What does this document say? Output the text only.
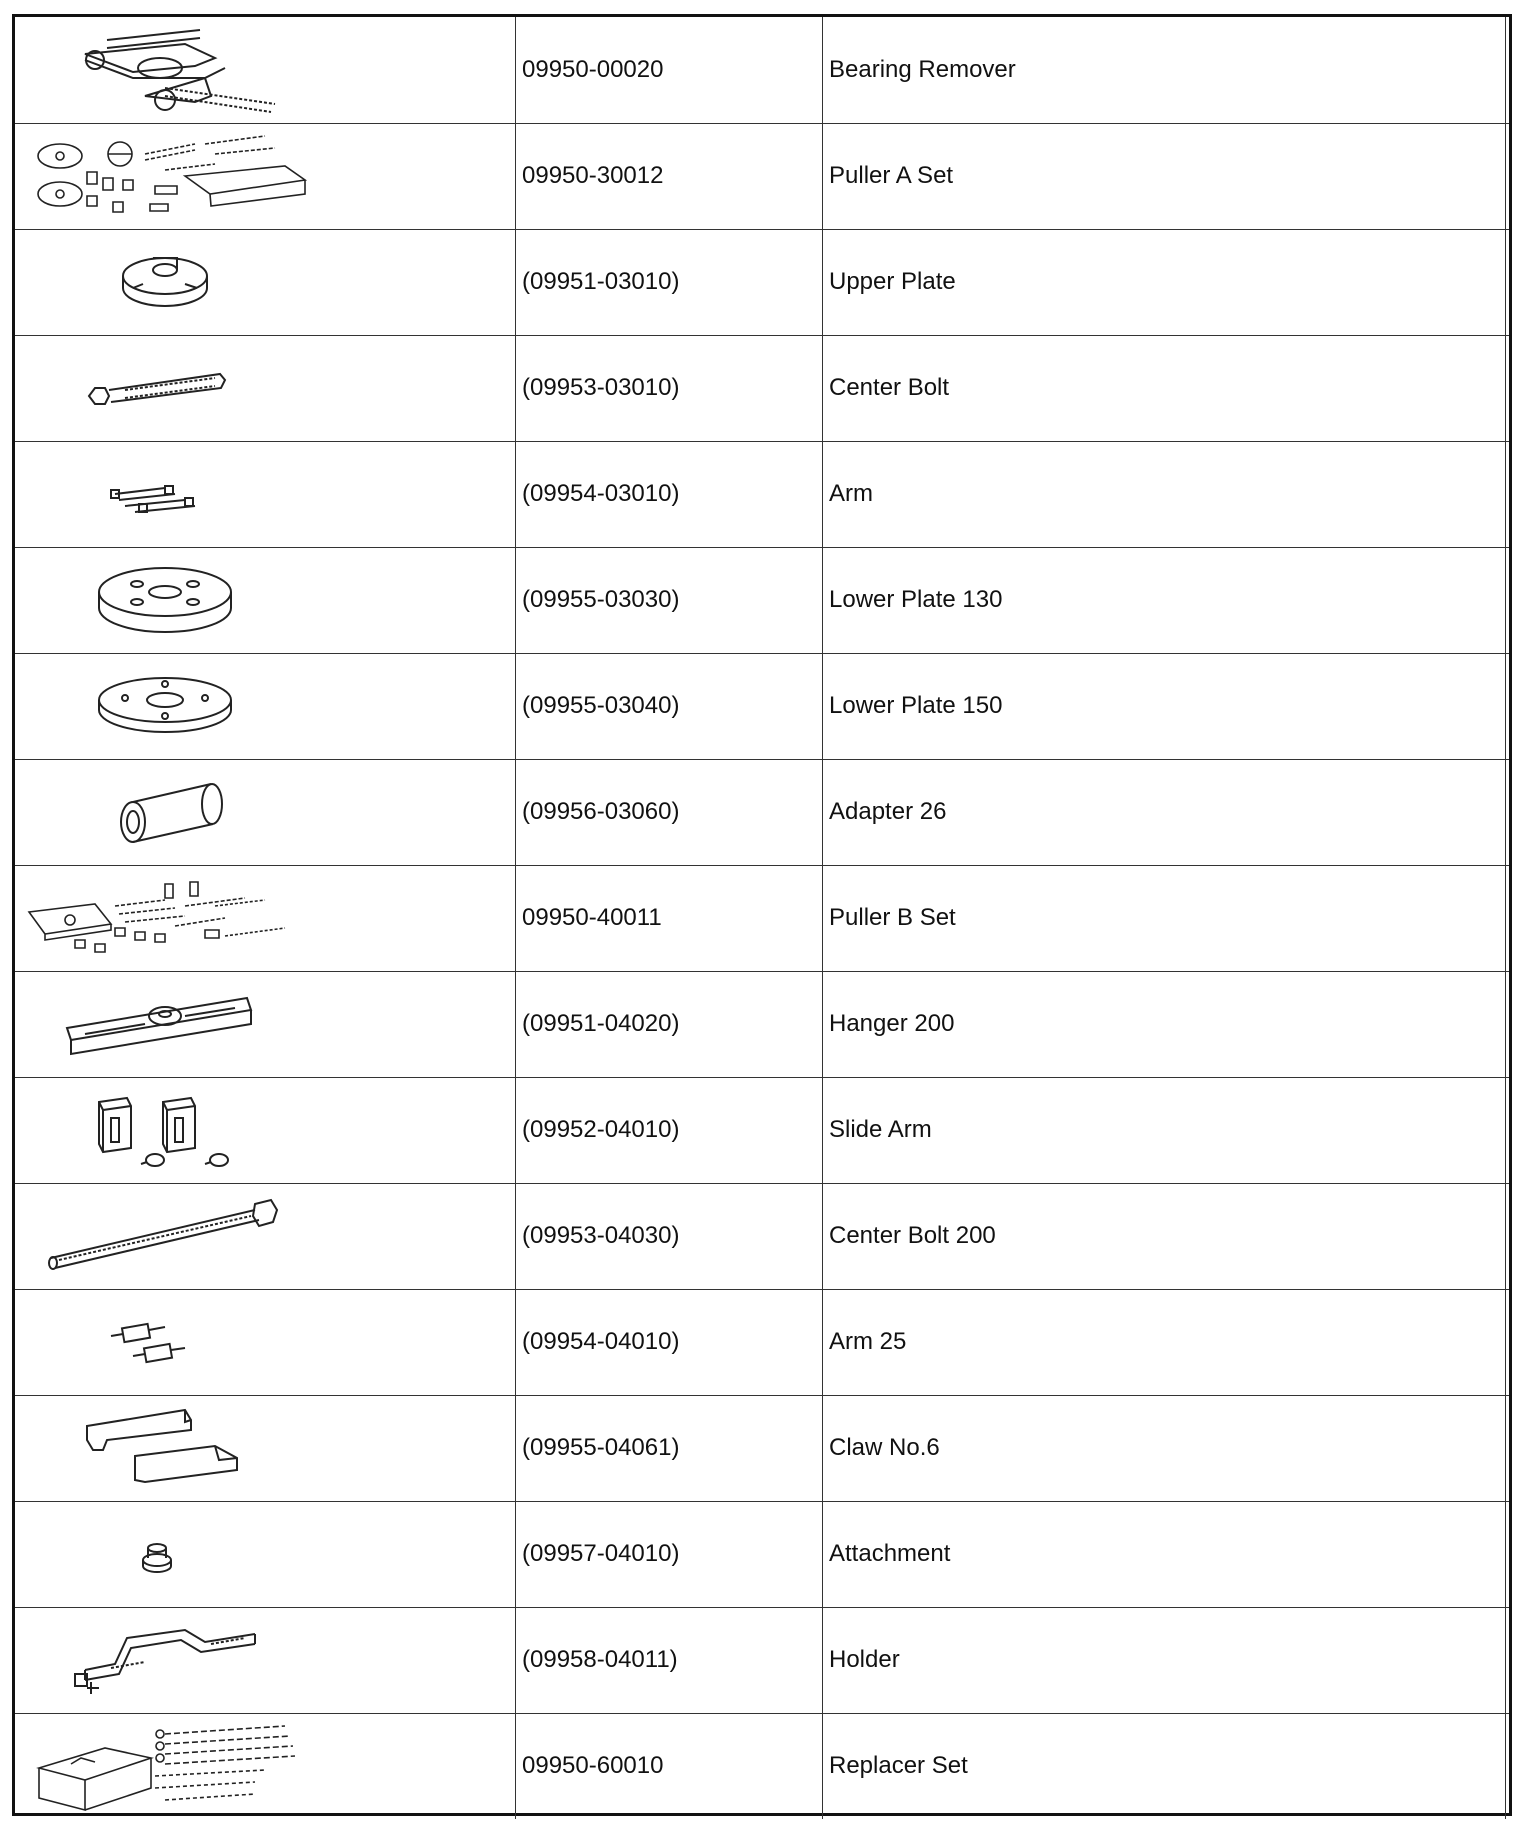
	09950-00020	Bearing Remover	

	09950-30012	Puller A Set	

	(09951-03010)	Upper Plate	

	(09953-03010)	Center Bolt	

	(09954-03010)	Arm	

	(09955-03030)	Lower Plate 130	

	(09955-03040)	Lower Plate 150	

	(09956-03060)	Adapter 26	

	09950-40011	Puller B Set	

	(09951-04020)	Hanger 200	

	(09952-04010)	Slide Arm	

	(09953-04030)	Center Bolt 200	

	(09954-04010)	Arm 25	

	(09955-04061)	Claw No.6	

	(09957-04010)	Attachment	

	(09958-04011)	Holder	

	09950-60010	Replacer Set	
